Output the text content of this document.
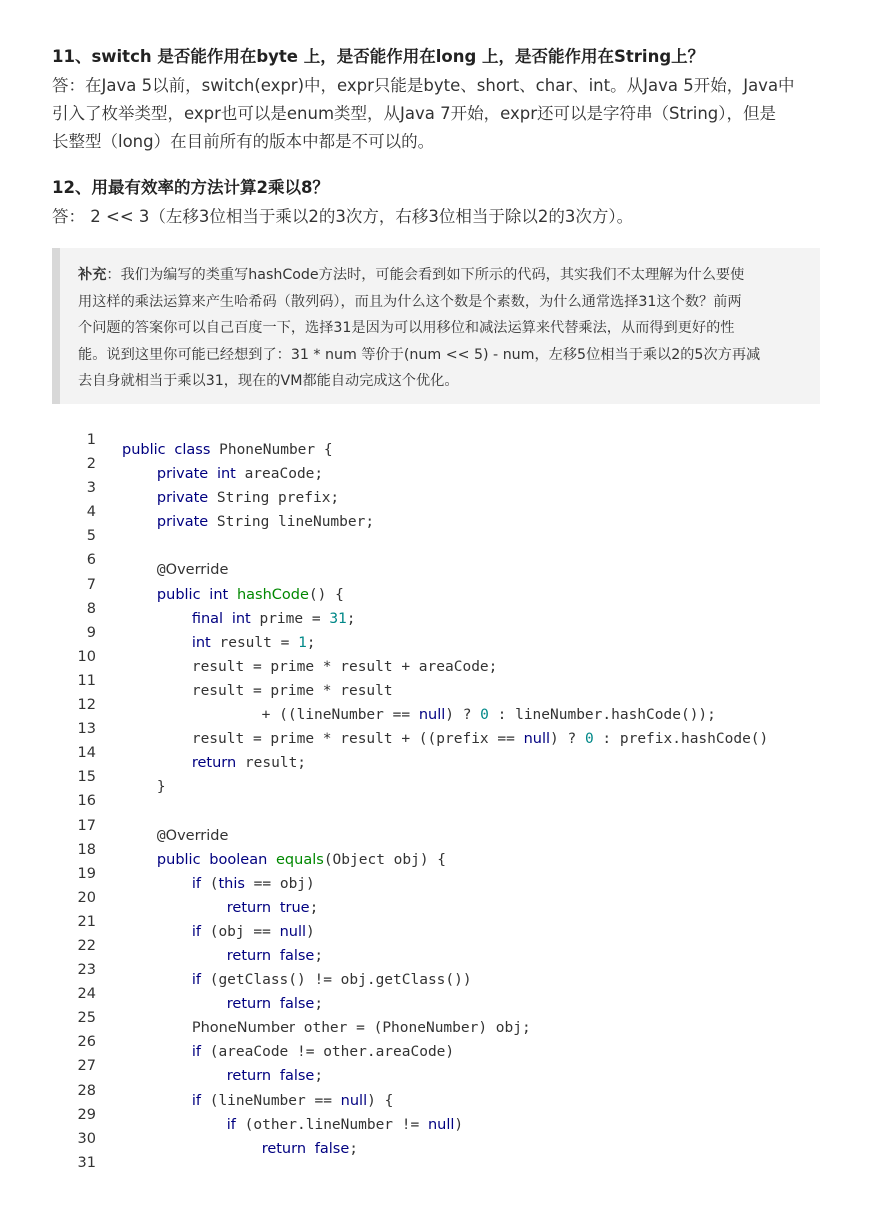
11、switch 是否能作用在byte 上，是否能作用在long 上，是否能作用在String上？

答：在Java 5以前，switch(expr)中，expr只能是byte、short、char、int。从Java 5开始，Java中

引入了枚举类型，expr也可以是enum类型，从Java 7开始，expr还可以是字符串（String），但是

长整型（long）在目前所有的版本中都是不可以的。

12、用最有效率的方法计算2乘以8？

答： 2 << 3（左移3位相当于乘以2的3次方，右移3位相当于除以2的3次方）。

补充：我们为编写的类重写hashCode方法时，可能会看到如下所示的代码，其实我们不太理解为什么要使
用这样的乘法运算来产生哈希码（散列码），而且为什么这个数是个素数，为什么通常选择31这个数？前两
个问题的答案你可以自己百度一下，选择31是因为可以用移位和减法运算来代替乘法，从而得到更好的性
能。说到这里你可能已经想到了：31 * num 等价于(num << 5) - num，左移5位相当于乘以2的5次方再减
去自身就相当于乘以31，现在的VM都能自动完成这个优化。
1
public class PhoneNumber {
2
private int areaCode;
3
private String prefix;
4
private String lineNumber;
5
6
@Override
7
public int hashCode() {
8
final int prime = 31;
9
int result = 1;
10
result = prime * result + areaCode;
11
result = prime * result
12
+ ((lineNumber == null) ? 0 : lineNumber.hashCode());
13
result = prime * result + ((prefix == null) ? 0 : prefix.hashCode()
14
return result;
15
}
16
17
@Override
18
public boolean equals(Object obj) {
19
if (this == obj)
20
return true;
21
if (obj == null)
22
return false;
23
if (getClass() != obj.getClass())
24
return false;
25
PhoneNumber other = (PhoneNumber) obj;
26
if (areaCode != other.areaCode)
27
return false;
28
if (lineNumber == null) {
29
if (other.lineNumber != null)
30
return false;
31
